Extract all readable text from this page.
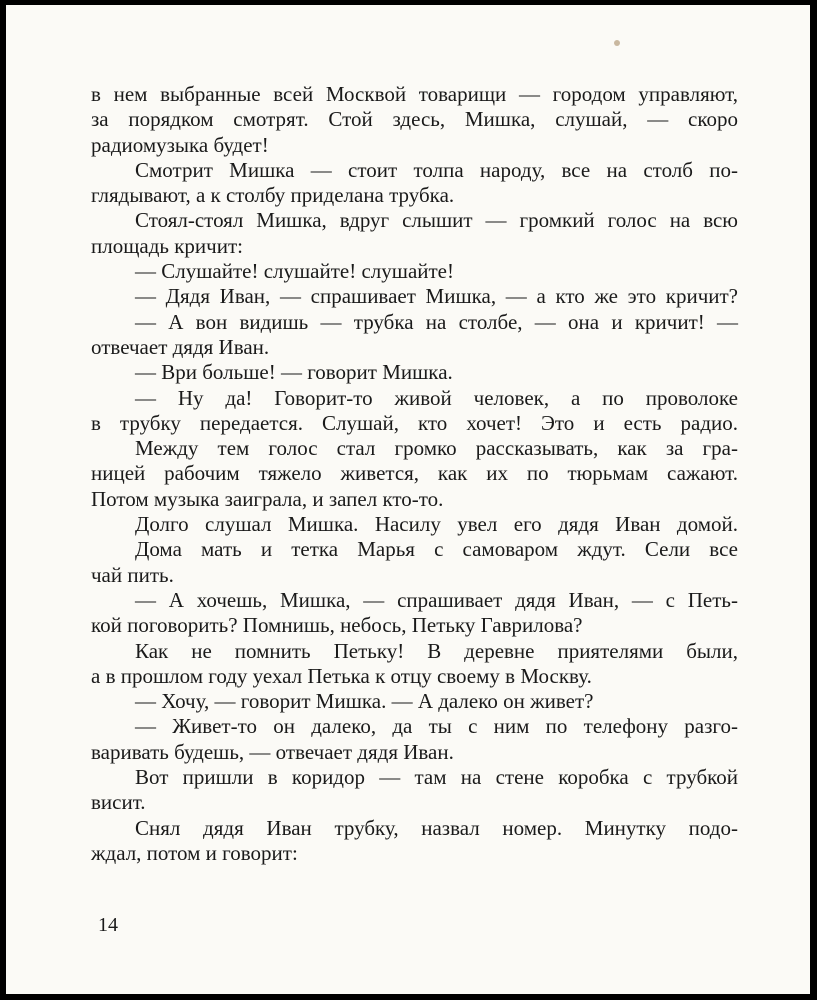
в нем выбранные всей Москвой товарищи — городом управляют,

за порядком смотрят. Стой здесь, Мишка, слушай, — скоро

радиомузыка будет!

Смотрит Мишка — стоит толпа народу, все на столб по-

глядывают, а к столбу приделана трубка.

Стоял-стоял Мишка, вдруг слышит — громкий голос на всю

площадь кричит:

— Слушайте! слушайте! слушайте!

— Дядя Иван, — спрашивает Мишка, — а кто же это кричит?

— А вон видишь — трубка на столбе, — она и кричит! —

отвечает дядя Иван.

— Ври больше! — говорит Мишка.

— Ну да! Говорит-то живой человек, а по проволоке

в трубку передается. Слушай, кто хочет! Это и есть радио.

Между тем голос стал громко рассказывать, как за гра-

ницей рабочим тяжело живется, как их по тюрьмам сажают.

Потом музыка заиграла, и запел кто-то.

Долго слушал Мишка. Насилу увел его дядя Иван домой.

Дома мать и тетка Марья с самоваром ждут. Сели все

чай пить.

— А хочешь, Мишка, — спрашивает дядя Иван, — с Петь-

кой поговорить? Помнишь, небось, Петьку Гаврилова?

Как не помнить Петьку! В деревне приятелями были,

а в прошлом году уехал Петька к отцу своему в Москву.

— Хочу, — говорит Мишка. — А далеко он живет?

— Живет-то он далеко, да ты с ним по телефону разго-

варивать будешь, — отвечает дядя Иван.

Вот пришли в коридор — там на стене коробка с трубкой

висит.

Снял дядя Иван трубку, назвал номер. Минутку подо-

ждал, потом и говорит:

14
